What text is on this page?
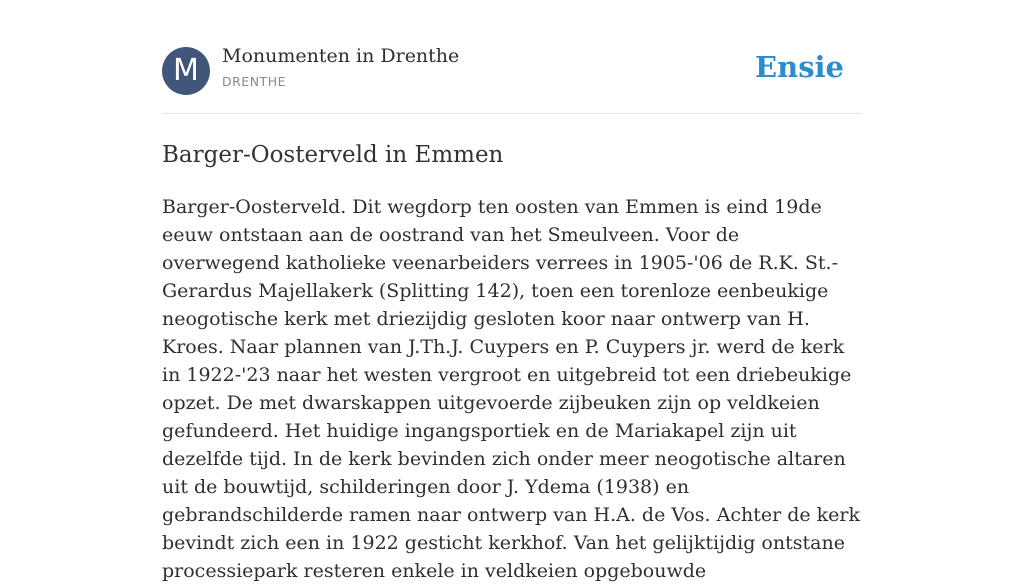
M	Monumenten in Drenthe
DRENTHE	Ensie
Barger-Oosterveld in Emmen

Barger-Oosterveld. Dit wegdorp ten oosten van Emmen is eind 19de eeuw ontstaan aan de oostrand van het Smeulveen. Voor de overwegend katholieke veenarbeiders verrees in 1905-'06 de R.K. St.-Gerardus Majellakerk (Splitting 142), toen een torenloze eenbeukige neogotische kerk met driezijdig gesloten koor naar ontwerp van H. Kroes. Naar plannen van J.Th.J. Cuypers en P. Cuypers jr. werd de kerk in 1922-'23 naar het westen vergroot en uitgebreid tot een driebeukige opzet. De met dwarskappen uitgevoerde zijbeuken zijn op veldkeien gefundeerd. Het huidige ingangsportiek en de Mariakapel zijn uit dezelfde tijd. In de kerk bevinden zich onder meer neogotische altaren uit de bouwtijd, schilderingen door J. Ydema (1938) en gebrandschilderde ramen naar ontwerp van H.A. de Vos. Achter de kerk bevindt zich een in 1922 gesticht kerkhof. Van het gelijktijdig ontstane processiepark resteren enkele in veldkeien opgebouwde
